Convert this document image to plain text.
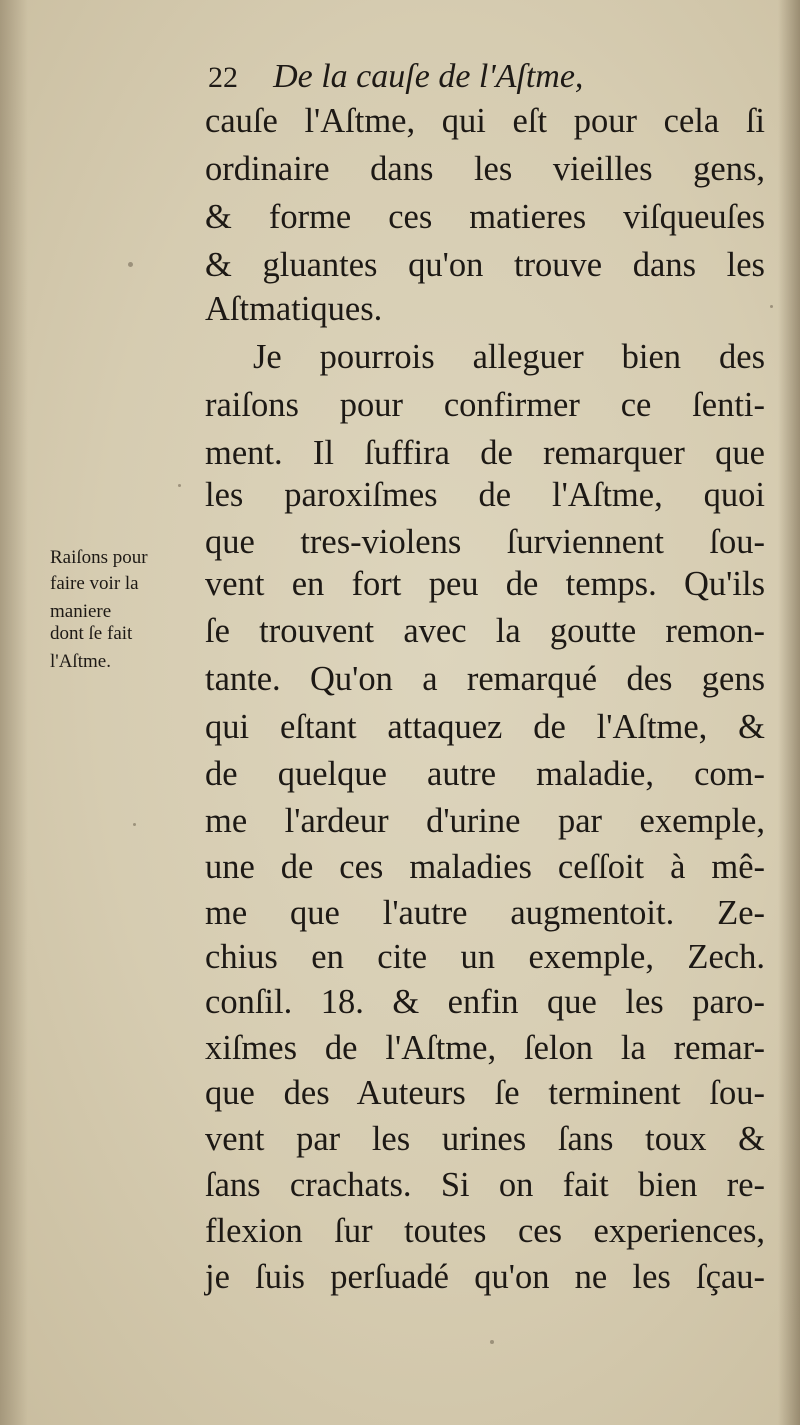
22 De la cauſe de l'Aſtme,
cauſe l'Aſtme, qui eſt pour cela ſi
ordinaire dans les vieilles gens,
& forme ces matieres viſqueuſes
& gluantes qu'on trouve dans les
Aſtmatiques.
Je pourrois alleguer bien des
raiſons pour confirmer ce ſenti-
ment. Il ſuffira de remarquer que
les paroxiſmes de l'Aſtme, quoi
que tres-violens ſurviennent ſou-
vent en fort peu de temps. Qu'ils
ſe trouvent avec la goutte remon-
tante. Qu'on a remarqué des gens
qui eſtant attaquez de l'Aſtme, &
de quelque autre maladie, com-
me l'ardeur d'urine par exemple,
une de ces maladies ceſſoit à mê-
me que l'autre augmentoit. Ze-
chius en cite un exemple, Zech.
conſil. 18. & enfin que les paro-
xiſmes de l'Aſtme, ſelon la remar-
que des Auteurs ſe terminent ſou-
vent par les urines ſans toux &
ſans crachats. Si on fait bien re-
flexion ſur toutes ces experiences,
je ſuis perſuadé qu'on ne les ſçau-
Raiſons pour
faire voir la
maniere
dont ſe fait
l'Aſtme.
